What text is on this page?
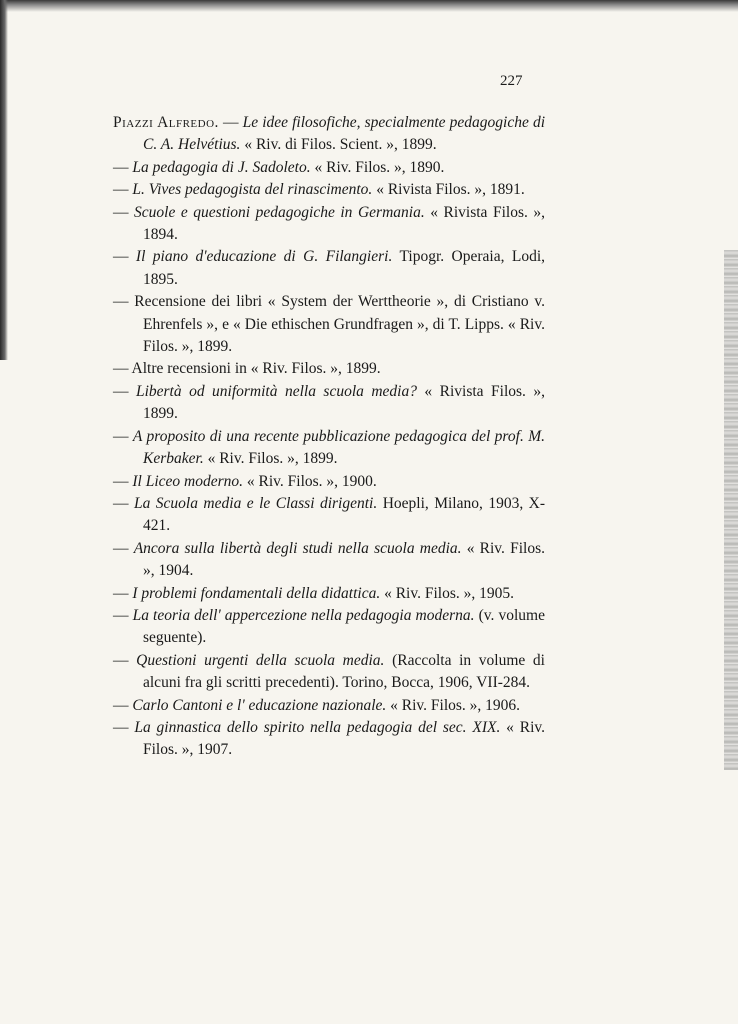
227

Piazzi Alfredo. — Le idee filosofiche, specialmente pedagogiche di C. A. Helvétius. « Riv. di Filos. Scient. », 1899.

— La pedagogia di J. Sadoleto. « Riv. Filos. », 1890.

— L. Vives pedagogista del rinascimento. « Rivista Filos. », 1891.

— Scuole e questioni pedagogiche in Germania. « Rivista Filos. », 1894.

— Il piano d'educazione di G. Filangieri. Tipogr. Operaia, Lodi, 1895.

— Recensione dei libri « System der Werttheorie », di Cristiano v. Ehrenfels », e « Die ethischen Grundfragen », di T. Lipps. « Riv. Filos. », 1899.

— Altre recensioni in « Riv. Filos. », 1899.

— Libertà od uniformità nella scuola media? « Rivista Filos. », 1899.

— A proposito di una recente pubblicazione pedagogica del prof. M. Kerbaker. « Riv. Filos. », 1899.

— Il Liceo moderno. « Riv. Filos. », 1900.

— La Scuola media e le Classi dirigenti. Hoepli, Milano, 1903, X-421.

— Ancora sulla libertà degli studi nella scuola media. « Riv. Filos. », 1904.

— I problemi fondamentali della didattica. « Riv. Filos. », 1905.

— La teoria dell' appercezione nella pedagogia moderna. (v. volume seguente).

— Questioni urgenti della scuola media. (Raccolta in volume di alcuni fra gli scritti precedenti). Torino, Bocca, 1906, VII-284.

— Carlo Cantoni e l' educazione nazionale. « Riv. Filos. », 1906.

— La ginnastica dello spirito nella pedagogia del sec. XIX. « Riv. Filos. », 1907.
